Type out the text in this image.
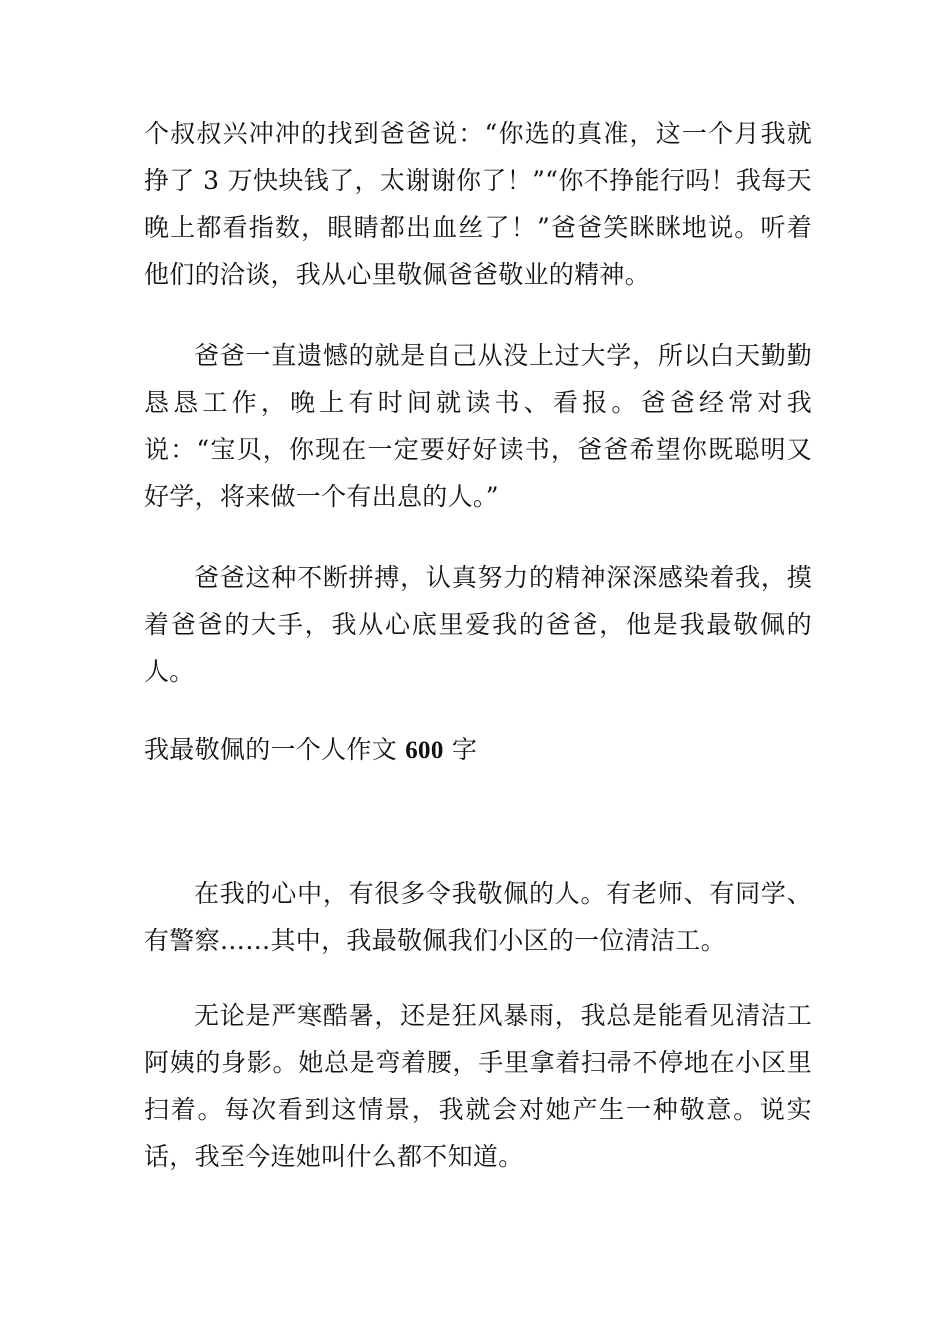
个叔叔兴冲冲的找到爸爸说：“你选的真准，这一个月我就挣了 3 万快块钱了，太谢谢你了！”“你不挣能行吗！我每天晚上都看指数，眼睛都出血丝了！”爸爸笑眯眯地说。听着他们的洽谈，我从心里敬佩爸爸敬业的精神。

爸爸一直遗憾的就是自己从没上过大学，所以白天勤勤恳恳工作，晚上有时间就读书、看报。爸爸经常对我说：“宝贝，你现在一定要好好读书，爸爸希望你既聪明又好学，将来做一个有出息的人。”

爸爸这种不断拼搏，认真努力的精神深深感染着我，摸着爸爸的大手，我从心底里爱我的爸爸，他是我最敬佩的人。

我最敬佩的一个人作文 600 字

在我的心中，有很多令我敬佩的人。有老师、有同学、有警察……其中，我最敬佩我们小区的一位清洁工。

无论是严寒酷暑，还是狂风暴雨，我总是能看见清洁工阿姨的身影。她总是弯着腰，手里拿着扫帚不停地在小区里扫着。每次看到这情景，我就会对她产生一种敬意。说实话，我至今连她叫什么都不知道。
